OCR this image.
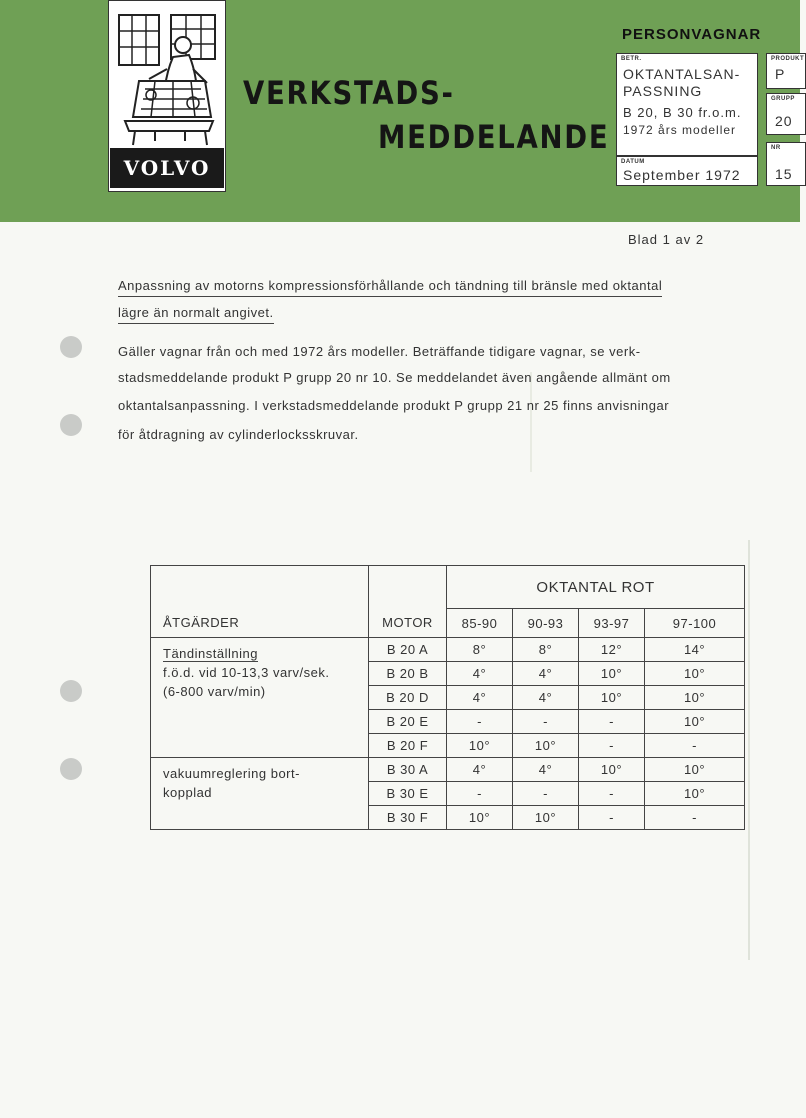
VOLVO
VERKSTADS-
MEDDELANDE
PERSONVAGNAR
BETR.
OKTANTALSAN-
PASSNING
B 20, B 30 fr.o.m.
1972 års modeller
DATUM
September 1972
PRODUKT
P
GRUPP
20
NR
15
Blad 1 av 2
Anpassning av motorns kompressionsförhållande och tändning till bränsle med oktantal
lägre än normalt angivet.
Gäller vagnar från och med 1972 års modeller. Beträffande tidigare vagnar, se verk-
stadsmeddelande produkt P grupp 20 nr 10. Se meddelandet även angående allmänt om
oktantalsanpassning. I verkstadsmeddelande produkt P grupp 21 nr 25 finns anvisningar
för åtdragning av cylinderlocksskruvar.
		OKTANTAL ROT			
ÅTGÄRDER	MOTOR	85-90	90-93	93-97	97-100
Tändinställning
f.ö.d. vid 10-13,3 varv/sek.
(6-800 varv/min)	B 20 A	8°	8°	12°	14°
	B 20 B	4°	4°	10°	10°
	B 20 D	4°	4°	10°	10°
	B 20 E	-	-	-	10°
	B 20 F	10°	10°	-	-
vakuumreglering bort-
kopplad	B 30 A	4°	4°	10°	10°
	B 30 E	-	-	-	10°
	B 30 F	10°	10°	-	-
